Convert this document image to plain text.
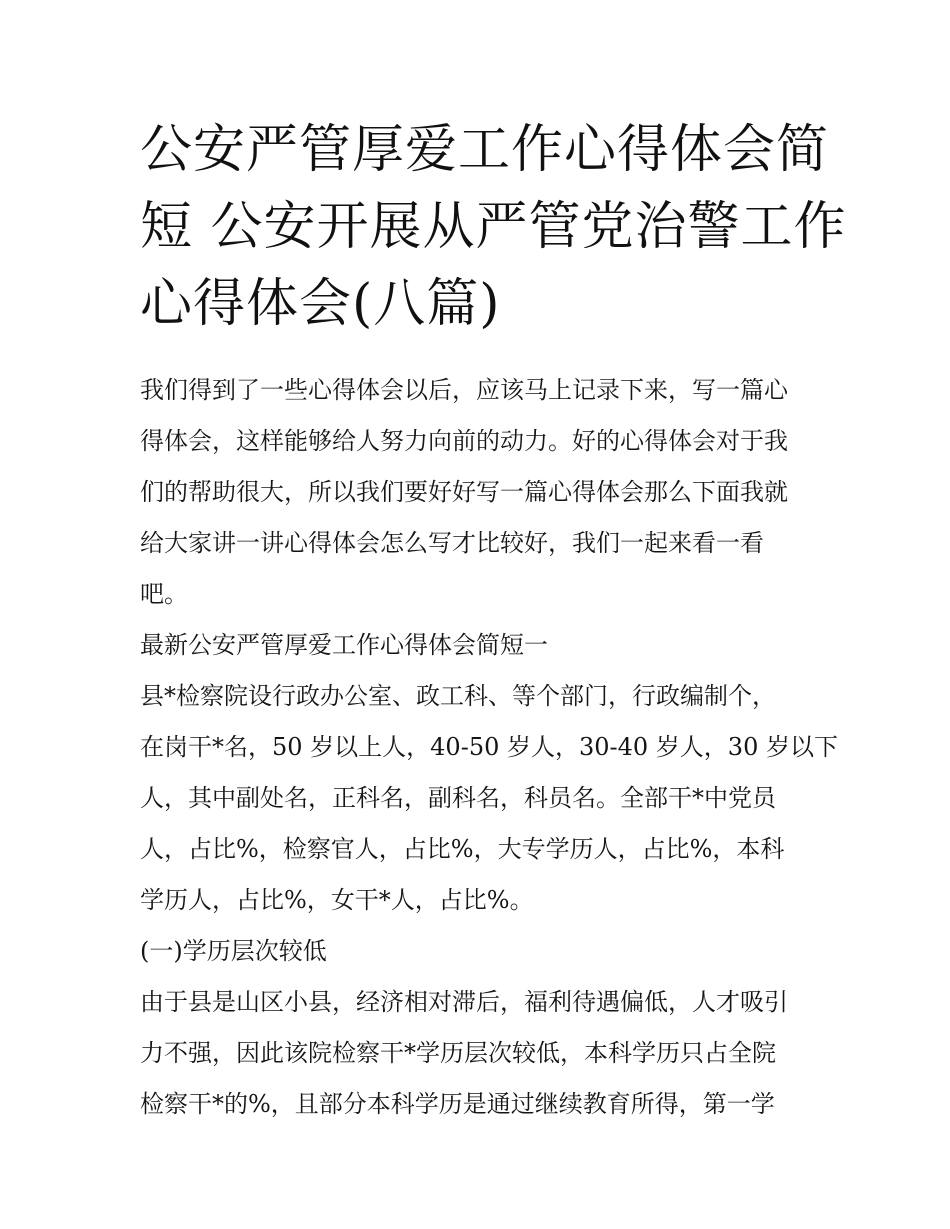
公安严管厚爱工作心得体会简
短 公安开展从严管党治警工作
心得体会(八篇)

我们得到了一些心得体会以后，应该马上记录下来，写一篇心

得体会，这样能够给人努力向前的动力。好的心得体会对于我

们的帮助很大，所以我们要好好写一篇心得体会那么下面我就

给大家讲一讲心得体会怎么写才比较好，我们一起来看一看

吧。

最新公安严管厚爱工作心得体会简短一

县*检察院设行政办公室、政工科、等个部门，行政编制个，

在岗干*名，50 岁以上人，40-50 岁人，30-40 岁人，30 岁以下

人，其中副处名，正科名，副科名，科员名。全部干*中党员

人，占比%，检察官人，占比%，大专学历人，占比%，本科

学历人，占比%，女干*人，占比%。

(一)学历层次较低

由于县是山区小县，经济相对滞后，福利待遇偏低，人才吸引

力不强，因此该院检察干*学历层次较低，本科学历只占全院

检察干*的%，且部分本科学历是通过继续教育所得，第一学
